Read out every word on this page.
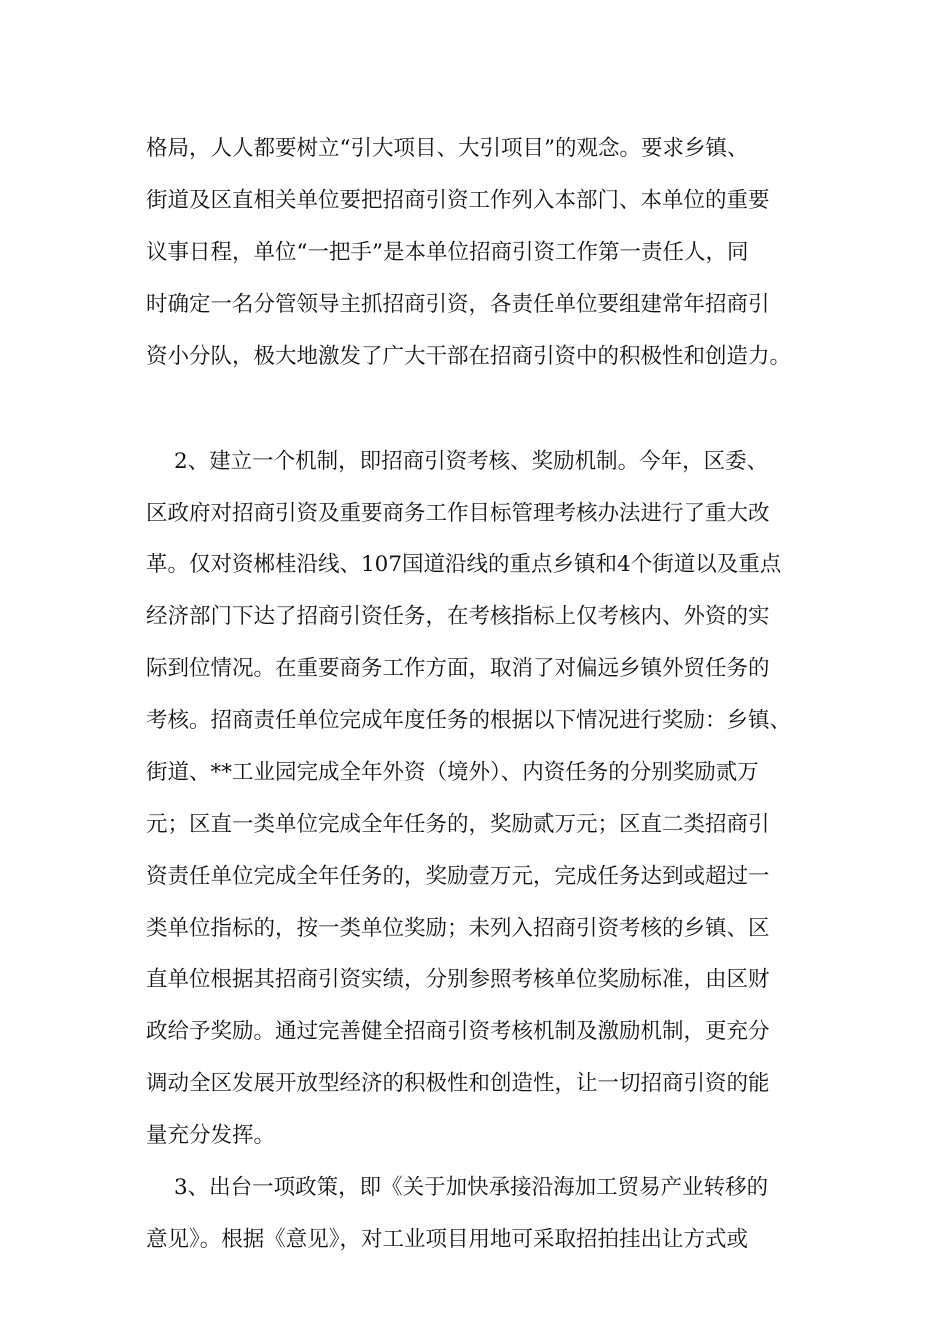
格局，人人都要树立“引大项目、大引项目”的观念。要求乡镇、
街道及区直相关单位要把招商引资工作列入本部门、本单位的重要
议事日程，单位“一把手”是本单位招商引资工作第一责任人，同
时确定一名分管领导主抓招商引资，各责任单位要组建常年招商引
资小分队，极大地激发了广大干部在招商引资中的积极性和创造力。
2、建立一个机制，即招商引资考核、奖励机制。今年，区委、
区政府对招商引资及重要商务工作目标管理考核办法进行了重大改
革。仅对资郴桂沿线、107国道沿线的重点乡镇和4个街道以及重点
经济部门下达了招商引资任务，在考核指标上仅考核内、外资的实
际到位情况。在重要商务工作方面，取消了对偏远乡镇外贸任务的
考核。招商责任单位完成年度任务的根据以下情况进行奖励：乡镇、
街道、**工业园完成全年外资（境外）、内资任务的分别奖励贰万
元；区直一类单位完成全年任务的，奖励贰万元；区直二类招商引
资责任单位完成全年任务的，奖励壹万元，完成任务达到或超过一
类单位指标的，按一类单位奖励；未列入招商引资考核的乡镇、区
直单位根据其招商引资实绩，分别参照考核单位奖励标准，由区财
政给予奖励。通过完善健全招商引资考核机制及激励机制，更充分
调动全区发展开放型经济的积极性和创造性，让一切招商引资的能
量充分发挥。
3、出台一项政策，即《关于加快承接沿海加工贸易产业转移的
意见》。根据《意见》，对工业项目用地可采取招拍挂出让方式或
